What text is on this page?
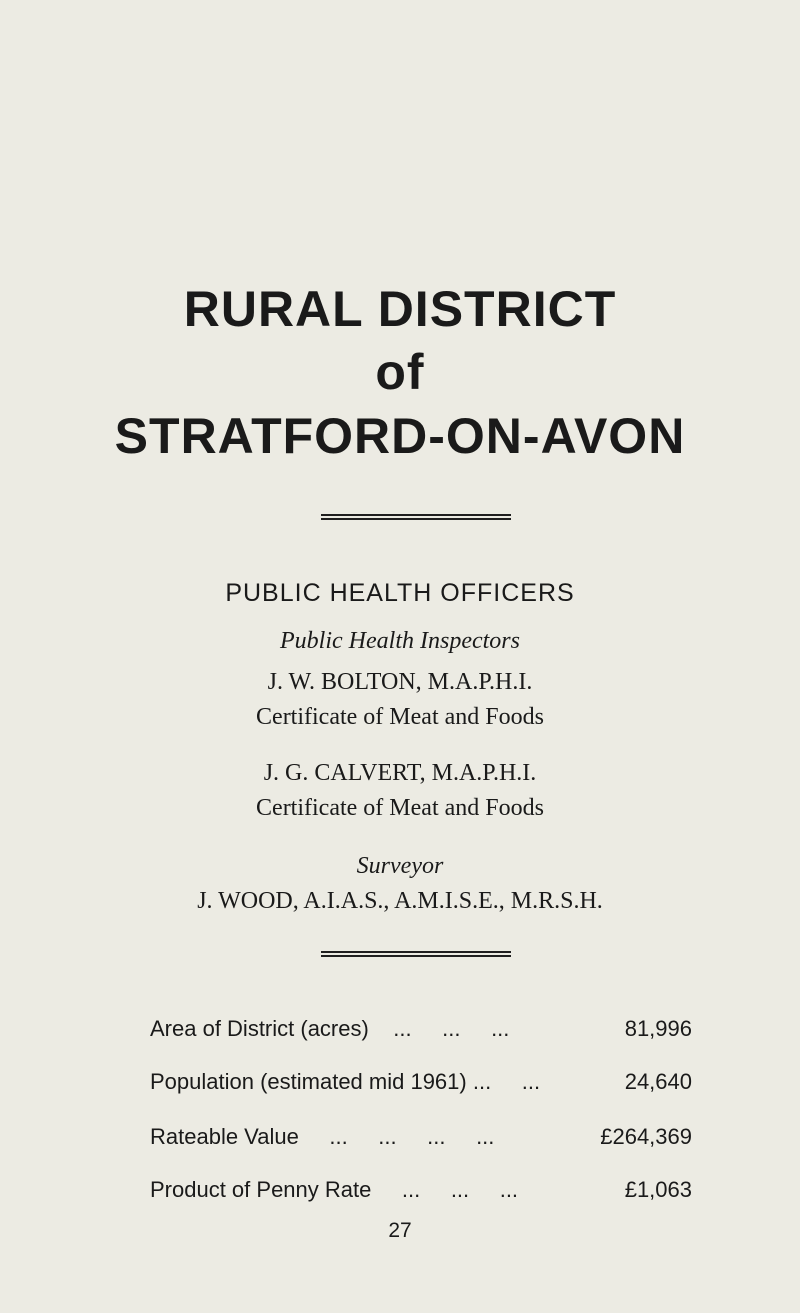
RURAL DISTRICT
of
STRATFORD-ON-AVON
PUBLIC HEALTH OFFICERS
Public Health Inspectors
J. W. BOLTON, M.A.P.H.I.
Certificate of Meat and Foods
J. G. CALVERT, M.A.P.H.I.
Certificate of Meat and Foods
Surveyor
J. WOOD, A.I.A.S., A.M.I.S.E., M.R.S.H.
Area of District (acres)    ...     ...     ...	81,996
Population (estimated mid 1961) ...     ...	24,640
Rateable Value     ...     ...     ...     ...	£264,369
Product of Penny Rate     ...     ...     ...	£1,063
27
